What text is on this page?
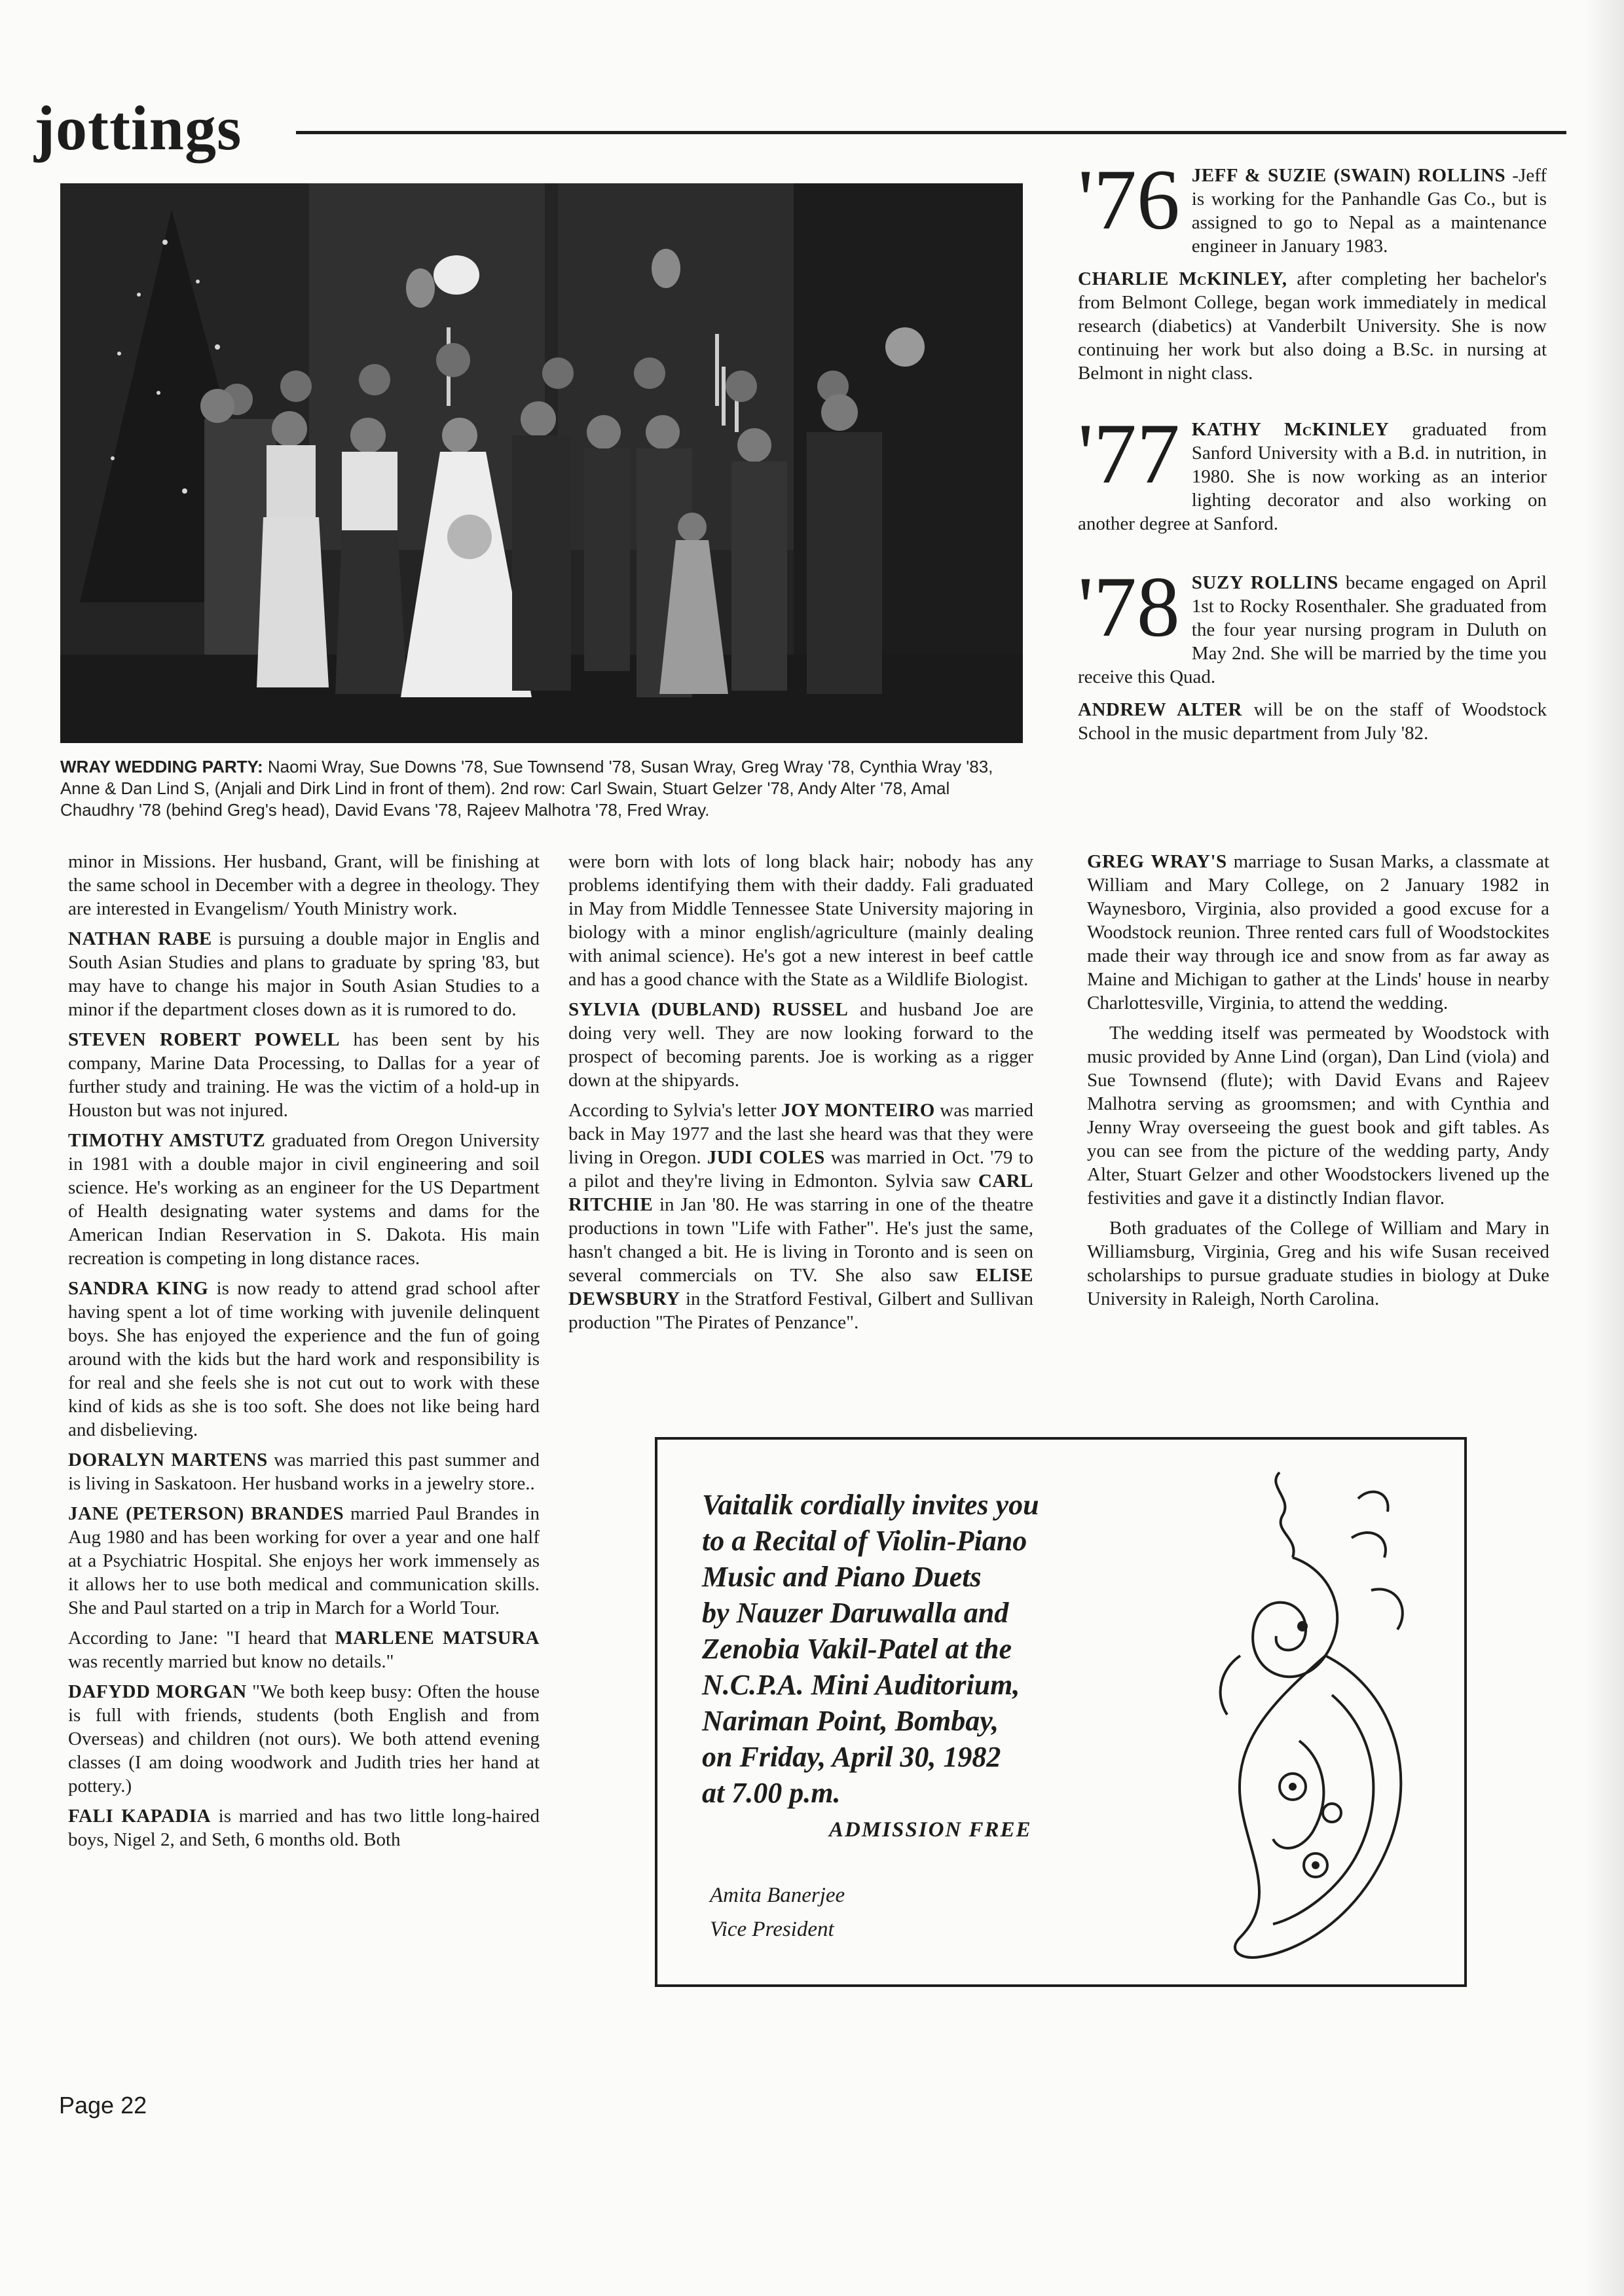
jottings
WRAY WEDDING PARTY: Naomi Wray, Sue Downs '78, Sue Townsend '78, Susan Wray, Greg Wray '78, Cynthia Wray '83, Anne & Dan Lind S, (Anjali and Dirk Lind in front of them). 2nd row: Carl Swain, Stuart Gelzer '78, Andy Alter '78, Amal Chaudhry '78 (behind Greg's head), David Evans '78, Rajeev Malhotra '78, Fred Wray.

minor in Missions. Her husband, Grant, will be finishing at the same school in December with a degree in theology. They are interested in Evangelism/ Youth Ministry work.

NATHAN RABE is pursuing a double major in Englis and South Asian Studies and plans to graduate by spring '83, but may have to change his major in South Asian Studies to a minor if the department closes down as it is rumored to do.

STEVEN ROBERT POWELL has been sent by his company, Marine Data Processing, to Dallas for a year of further study and training. He was the victim of a hold-up in Houston but was not injured.

TIMOTHY AMSTUTZ graduated from Oregon University in 1981 with a double major in civil engineering and soil science. He's working as an engineer for the US Department of Health designating water systems and dams for the American Indian Reservation in S. Dakota. His main recreation is competing in long distance races.

SANDRA KING is now ready to attend grad school after having spent a lot of time working with juvenile delinquent boys. She has enjoyed the experience and the fun of going around with the kids but the hard work and responsibility is for real and she feels she is not cut out to work with these kind of kids as she is too soft. She does not like being hard and disbelieving.

DORALYN MARTENS was married this past summer and is living in Saskatoon. Her husband works in a jewelry store..

JANE (PETERSON) BRANDES married Paul Brandes in Aug 1980 and has been working for over a year and one half at a Psychiatric Hospital. She enjoys her work immensely as it allows her to use both medical and communication skills. She and Paul started on a trip in March for a World Tour.

According to Jane: "I heard that MARLENE MATSURA was recently married but know no details."

DAFYDD MORGAN "We both keep busy: Often the house is full with friends, students (both English and from Overseas) and children (not ours). We both attend evening classes (I am doing woodwork and Judith tries her hand at pottery.)

FALI KAPADIA is married and has two little long-haired boys, Nigel 2, and Seth, 6 months old. Both

were born with lots of long black hair; nobody has any problems identifying them with their daddy. Fali graduated in May from Middle Tennessee State University majoring in biology with a minor english/agriculture (mainly dealing with animal science). He's got a new interest in beef cattle and has a good chance with the State as a Wildlife Biologist.

SYLVIA (DUBLAND) RUSSEL and husband Joe are doing very well. They are now looking forward to the prospect of becoming parents. Joe is working as a rigger down at the shipyards.

According to Sylvia's letter JOY MONTEIRO was married back in May 1977 and the last she heard was that they were living in Oregon. JUDI COLES was married in Oct. '79 to a pilot and they're living in Edmonton. Sylvia saw CARL RITCHIE in Jan '80. He was starring in one of the theatre productions in town "Life with Father". He's just the same, hasn't changed a bit. He is living in Toronto and is seen on several commercials on TV. She also saw ELISE DEWSBURY in the Stratford Festival, Gilbert and Sullivan production "The Pirates of Penzance".

'76 JEFF & SUZIE (SWAIN) ROLLINS -Jeff is working for the Panhandle Gas Co., but is assigned to go to Nepal as a maintenance engineer in January 1983.

CHARLIE McKINLEY, after completing her bachelor's from Belmont College, began work immediately in medical research (diabetics) at Vanderbilt University. She is now continuing her work but also doing a B.Sc. in nursing at Belmont in night class.

'77 KATHY McKINLEY graduated from Sanford University with a B.d. in nutrition, in 1980. She is now working as an interior lighting decorator and also working on another degree at Sanford.

'78 SUZY ROLLINS became engaged on April 1st to Rocky Rosenthaler. She graduated from the four year nursing program in Duluth on May 2nd. She will be married by the time you receive this Quad.

ANDREW ALTER will be on the staff of Woodstock School in the music department from July '82.

GREG WRAY'S marriage to Susan Marks, a classmate at William and Mary College, on 2 January 1982 in Waynesboro, Virginia, also provided a good excuse for a Woodstock reunion. Three rented cars full of Woodstockites made their way through ice and snow from as far away as Maine and Michigan to gather at the Linds' house in nearby Charlottesville, Virginia, to attend the wedding.

The wedding itself was permeated by Woodstock with music provided by Anne Lind (organ), Dan Lind (viola) and Sue Townsend (flute); with David Evans and Rajeev Malhotra serving as groomsmen; and with Cynthia and Jenny Wray overseeing the guest book and gift tables. As you can see from the picture of the wedding party, Andy Alter, Stuart Gelzer and other Woodstockers livened up the festivities and gave it a distinctly Indian flavor.

Both graduates of the College of William and Mary in Williamsburg, Virginia, Greg and his wife Susan received scholarships to pursue graduate studies in biology at Duke University in Raleigh, North Carolina.

Vaitalik cordially invites you
to a Recital of Violin-Piano
Music and Piano Duets
by Nauzer Daruwalla and
Zenobia Vakil-Patel at the
N.C.P.A. Mini Auditorium,
Nariman Point, Bombay,
on Friday, April 30, 1982
at 7.00 p.m.
ADMISSION FREE
Amita Banerjee
Vice President
Page 22
